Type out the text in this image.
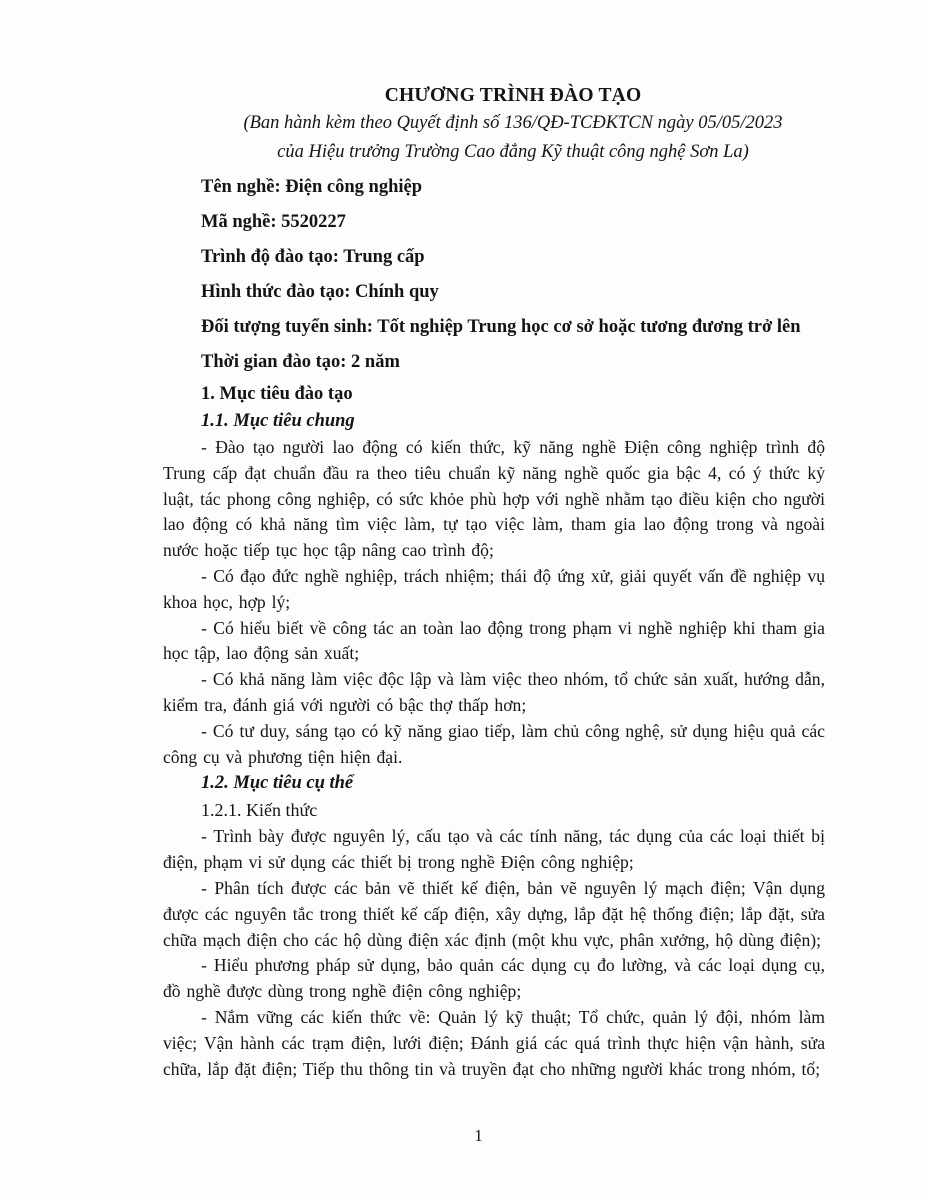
CHƯƠNG TRÌNH ĐÀO TẠO
(Ban hành kèm theo Quyết định số 136/QĐ-TCĐKTCN ngày 05/05/2023
của Hiệu trưởng Trường Cao đẳng Kỹ thuật công nghệ Sơn La)

Tên nghề: Điện công nghiệp

Mã nghề: 5520227

Trình độ đào tạo: Trung cấp

Hình thức đào tạo: Chính quy

Đối tượng tuyển sinh: Tốt nghiệp Trung học cơ sở hoặc tương đương trở lên

Thời gian đào tạo: 2 năm

1. Mục tiêu đào tạo

1.1. Mục tiêu chung

- Đào tạo người lao động có kiến thức, kỹ năng nghề Điện công nghiệp trình độ Trung cấp đạt chuẩn đầu ra theo tiêu chuẩn kỹ năng nghề quốc gia bậc 4, có ý thức kỷ luật, tác phong công nghiệp, có sức khỏe phù hợp với nghề nhằm tạo điều kiện cho người lao động có khả năng tìm việc làm, tự tạo việc làm, tham gia lao động trong và ngoài nước hoặc tiếp tục học tập nâng cao trình độ;

- Có đạo đức nghề nghiệp, trách nhiệm; thái độ ứng xử, giải quyết vấn đề nghiệp vụ khoa học, hợp lý;

- Có hiểu biết về công tác an toàn lao động trong phạm vi nghề nghiệp khi tham gia học tập, lao động sản xuất;

- Có khả năng làm việc độc lập và làm việc theo nhóm, tổ chức sản xuất, hướng dẫn, kiểm tra, đánh giá với người có bậc thợ thấp hơn;

- Có tư duy, sáng tạo có kỹ năng giao tiếp, làm chủ công nghệ, sử dụng hiệu quả các công cụ và phương tiện hiện đại.

1.2. Mục tiêu cụ thể

1.2.1. Kiến thức

- Trình bày được nguyên lý, cấu tạo và các tính năng, tác dụng của các loại thiết bị điện, phạm vi sử dụng các thiết bị trong nghề Điện công nghiệp;

- Phân tích được các bản vẽ thiết kế điện, bản vẽ nguyên lý mạch điện; Vận dụng được các nguyên tắc trong thiết kế cấp điện, xây dựng, lắp đặt hệ thống điện; lắp đặt, sửa chữa mạch điện cho các hộ dùng điện xác định (một khu vực, phân xưởng, hộ dùng điện);

- Hiểu phương pháp sử dụng, bảo quản các dụng cụ đo lường, và các loại dụng cụ, đồ nghề được dùng trong nghề điện công nghiệp;

- Nắm vững các kiến thức về: Quản lý kỹ thuật; Tổ chức, quản lý đội, nhóm làm việc; Vận hành các trạm điện, lưới điện; Đánh giá các quá trình thực hiện vận hành, sửa chữa, lắp đặt điện; Tiếp thu thông tin và truyền đạt cho những người khác trong nhóm, tổ;

1
